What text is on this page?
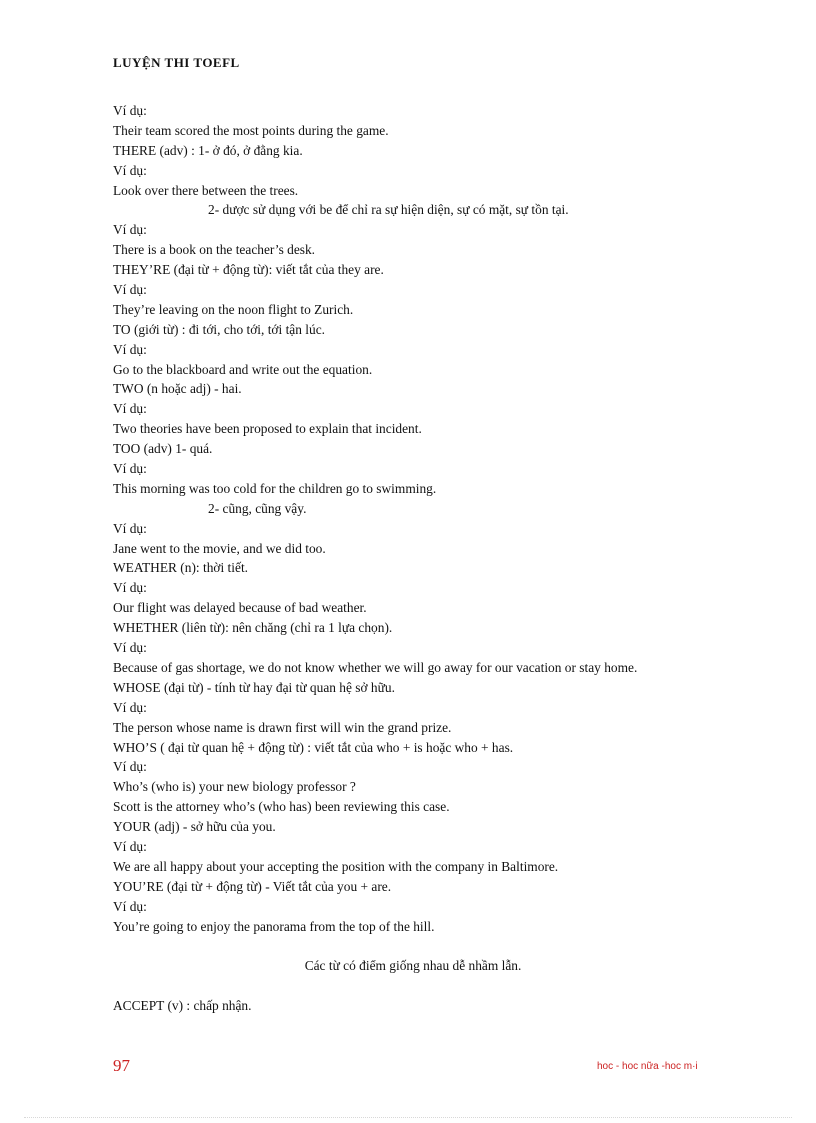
LUYỆN THI TOEFL
Ví dụ:
Their team scored the most points during the game.
THERE (adv) : 1- ở đó, ở đằng kia.
Ví dụ:
Look over there between the trees.
2- dược sử dụng với be để chỉ ra sự hiện diện, sự có mặt, sự tồn tại.
Ví dụ:
There is a book on the teacher’s desk.
THEY’RE (đại từ + động từ): viết tắt của they are.
Ví dụ:
They’re leaving on the noon flight to Zurich.
TO (giới từ) : đi tới, cho tới, tới tận lúc.
Ví dụ:
Go to the blackboard and write out the equation.
TWO (n hoặc adj) - hai.
Ví dụ:
Two theories have been proposed to explain that incident.
TOO (adv) 1- quá.
Ví dụ:
This morning was too cold for the children go to swimming.
2- cũng, cũng vậy.
Ví dụ:
Jane went to the movie, and we did too.
WEATHER (n): thời tiết.
Ví dụ:
Our flight was delayed because of bad weather.
WHETHER (liên từ): nên chăng (chỉ ra 1 lựa chọn).
Ví dụ:
Because of gas shortage, we do not know whether we will go away for our vacation or stay home.
WHOSE (đại từ) - tính từ hay đại từ quan hệ sở hữu.
Ví dụ:
The person whose name is drawn first will win the grand prize.
WHO’S ( đại từ quan hệ + động từ) : viết tắt của who + is hoặc who + has.
Ví dụ:
Who’s (who is) your new biology professor ?
Scott is the attorney who’s (who has) been reviewing this case.
YOUR (adj) - sở hữu của you.
Ví dụ:
We are all happy about your accepting the position with the company in Baltimore.
YOU’RE (đại từ + động từ) - Viết tắt của you + are.
Ví dụ:
You’re going to enjoy the panorama from the top of the hill.
Các từ có điểm giống nhau dễ nhầm lẫn.
ACCEPT (v) : chấp nhận.
97	hoc - hoc nữa -hoc m·i
